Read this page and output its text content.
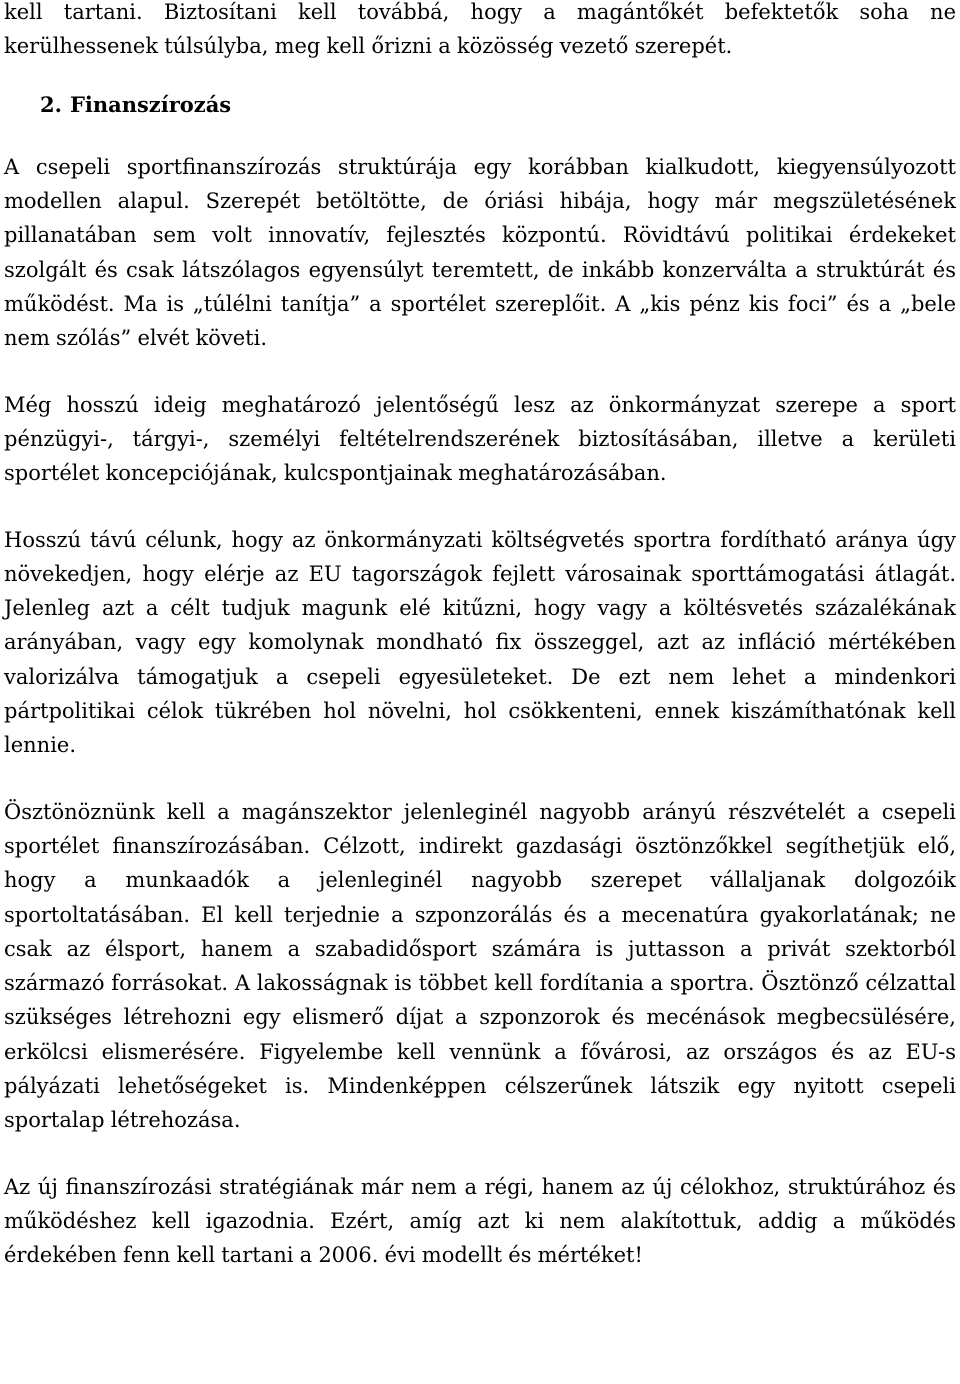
kell tartani. Biztosítani kell továbbá, hogy a magántőkét befektetők soha ne kerülhessenek túlsúlyba, meg kell őrizni a közösség vezető szerepét.

2. Finanszírozás

A csepeli sportfinanszírozás struktúrája egy korábban kialkudott, kiegyensúlyozott modellen alapul. Szerepét betöltötte, de óriási hibája, hogy már megszületésének pillanatában sem volt innovatív, fejlesztés központú. Rövidtávú politikai érdekeket szolgált és csak látszólagos egyensúlyt teremtett, de inkább konzerválta a struktúrát és működést. Ma is „túlélni tanítja” a sportélet szereplőit. A „kis pénz kis foci” és a „bele nem szólás” elvét követi.

Még hosszú ideig meghatározó jelentőségű lesz az önkormányzat szerepe a sport pénzügyi-, tárgyi-, személyi feltételrendszerének biztosításában, illetve a kerületi sportélet koncepciójának, kulcspontjainak meghatározásában.

Hosszú távú célunk, hogy az önkormányzati költségvetés sportra fordítható aránya úgy növekedjen, hogy elérje az EU tagországok fejlett városainak sporttámogatási átlagát. Jelenleg azt a célt tudjuk magunk elé kitűzni, hogy vagy a költésvetés százalékának arányában, vagy egy komolynak mondható fix összeggel, azt az infláció mértékében valorizálva támogatjuk a csepeli egyesületeket. De ezt nem lehet a mindenkori pártpolitikai célok tükrében hol növelni, hol csökkenteni, ennek kiszámíthatónak kell lennie.

Ösztönöznünk kell a magánszektor jelenleginél nagyobb arányú részvételét a csepeli sportélet finanszírozásában. Célzott, indirekt gazdasági ösztönzőkkel segíthetjük elő, hogy a munkaadók a jelenleginél nagyobb szerepet vállaljanak dolgozóik sportoltatásában. El kell terjednie a szponzorálás és a mecenatúra gyakorlatának; ne csak az élsport, hanem a szabadidősport számára is juttasson a privát szektorból származó forrásokat. A lakosságnak is többet kell fordítania a sportra. Ösztönző célzattal szükséges létrehozni egy elismerő díjat a szponzorok és mecénások megbecsülésére, erkölcsi elismerésére. Figyelembe kell vennünk a fővárosi, az országos és az EU-s pályázati lehetőségeket is. Mindenképpen célszerűnek látszik egy nyitott csepeli sportalap létrehozása.

Az új finanszírozási stratégiának már nem a régi, hanem az új célokhoz, struktúrához és működéshez kell igazodnia. Ezért, amíg azt ki nem alakítottuk, addig a működés érdekében fenn kell tartani a 2006. évi modellt és mértéket!
